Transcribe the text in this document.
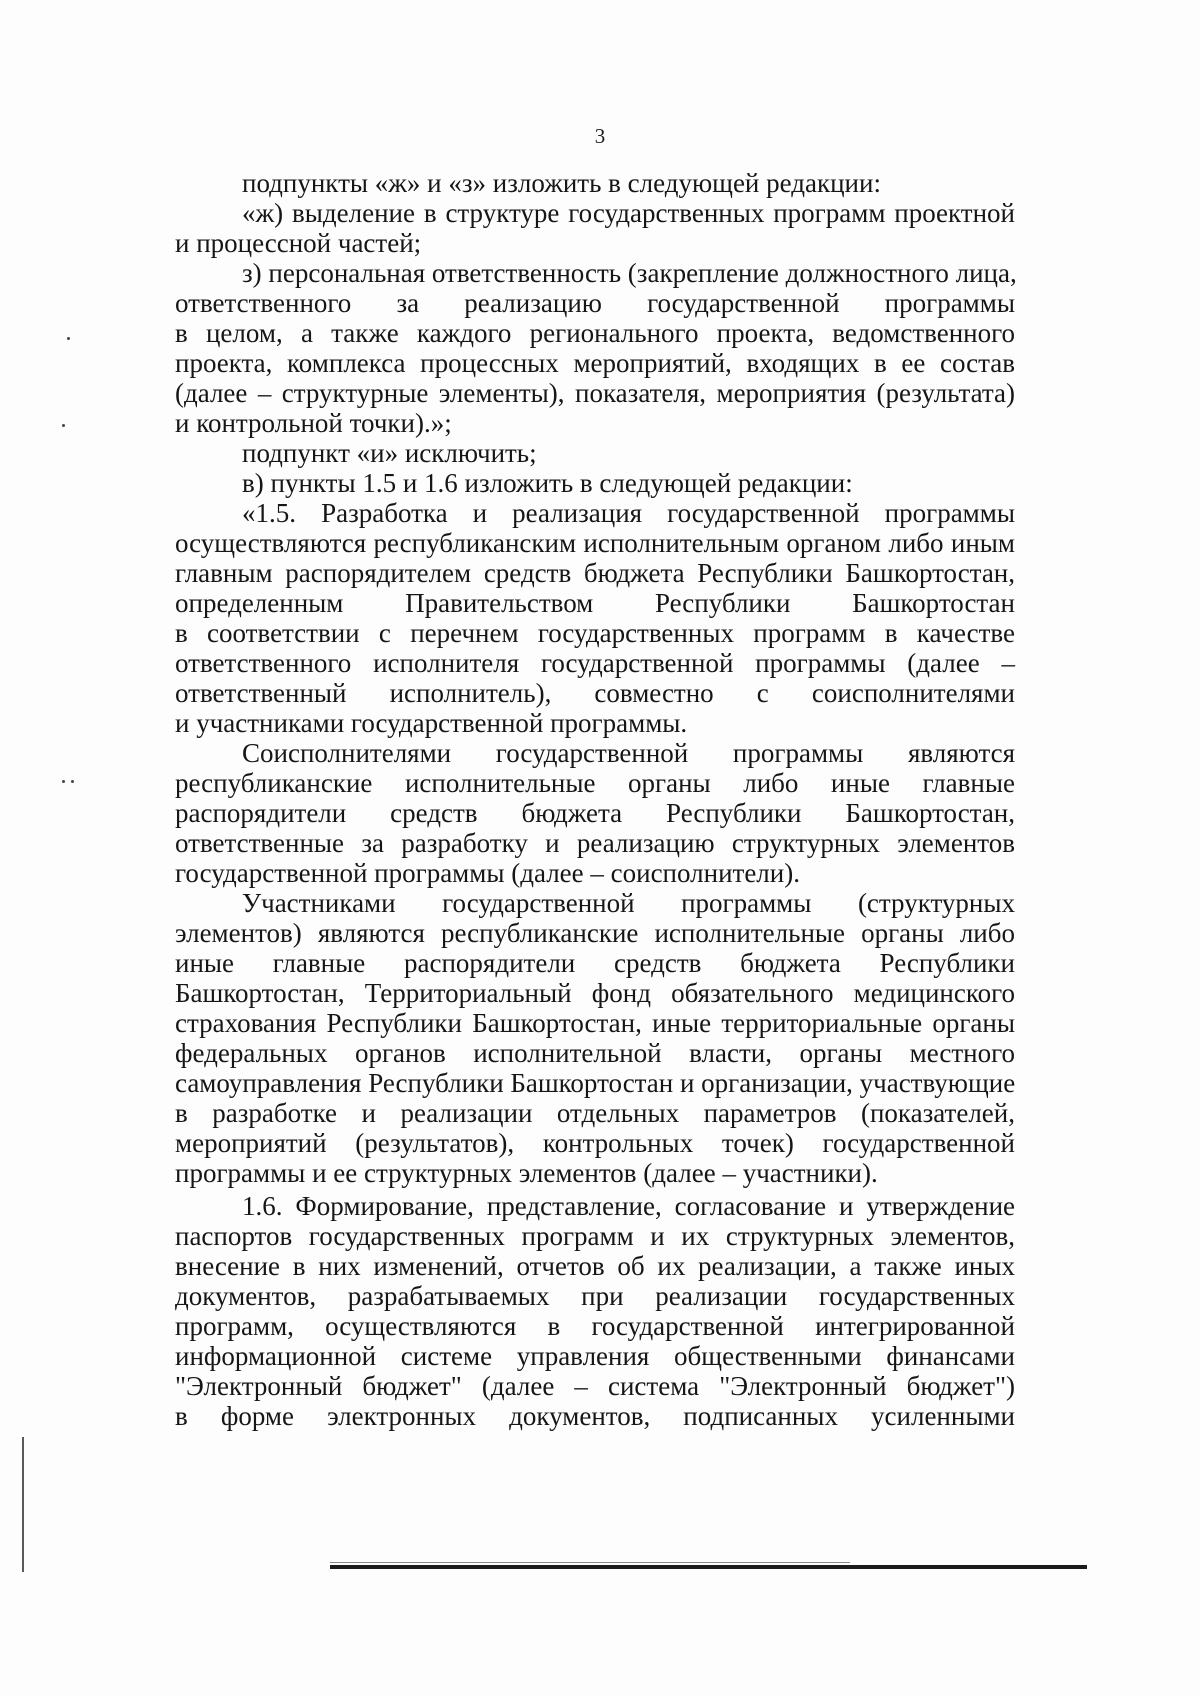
3

подпункты «ж» и «з» изложить в следующей редакции:
«ж) выделение в структуре государственных программ проектной
и процессной частей;
з) персональная ответственность (закрепление должностного лица,
ответственного за реализацию государственной программы
в целом, а также каждого регионального проекта, ведомственного
проекта, комплекса процессных мероприятий, входящих в ее состав
(далее – структурные элементы), показателя, мероприятия (результата)
и контрольной точки).»;
подпункт «и» исключить;
в) пункты 1.5 и 1.6 изложить в следующей редакции:
«1.5. Разработка и реализация государственной программы
осуществляются республиканским исполнительным органом либо иным
главным распорядителем средств бюджета Республики Башкортостан,
определенным Правительством Республики Башкортостан
в соответствии с перечнем государственных программ в качестве
ответственного исполнителя государственной программы (далее –
ответственный исполнитель), совместно с соисполнителями
и участниками государственной программы.
Соисполнителями государственной программы являются
республиканские исполнительные органы либо иные главные
распорядители средств бюджета Республики Башкортостан,
ответственные за разработку и реализацию структурных элементов
государственной программы (далее – соисполнители).
Участниками государственной программы (структурных
элементов) являются республиканские исполнительные органы либо
иные главные распорядители средств бюджета Республики
Башкортостан, Территориальный фонд обязательного медицинского
страхования Республики Башкортостан, иные территориальные органы
федеральных органов исполнительной власти, органы местного
самоуправления Республики Башкортостан и организации, участвующие
в разработке и реализации отдельных параметров (показателей,
мероприятий (результатов), контрольных точек) государственной
программы и ее структурных элементов (далее – участники).
1.6. Формирование, представление, согласование и утверждение
паспортов государственных программ и их структурных элементов,
внесение в них изменений, отчетов об их реализации, а также иных
документов, разрабатываемых при реализации государственных
программ, осуществляются в государственной интегрированной
информационной системе управления общественными финансами
"Электронный бюджет" (далее – система "Электронный бюджет")
в форме электронных документов, подписанных усиленными
